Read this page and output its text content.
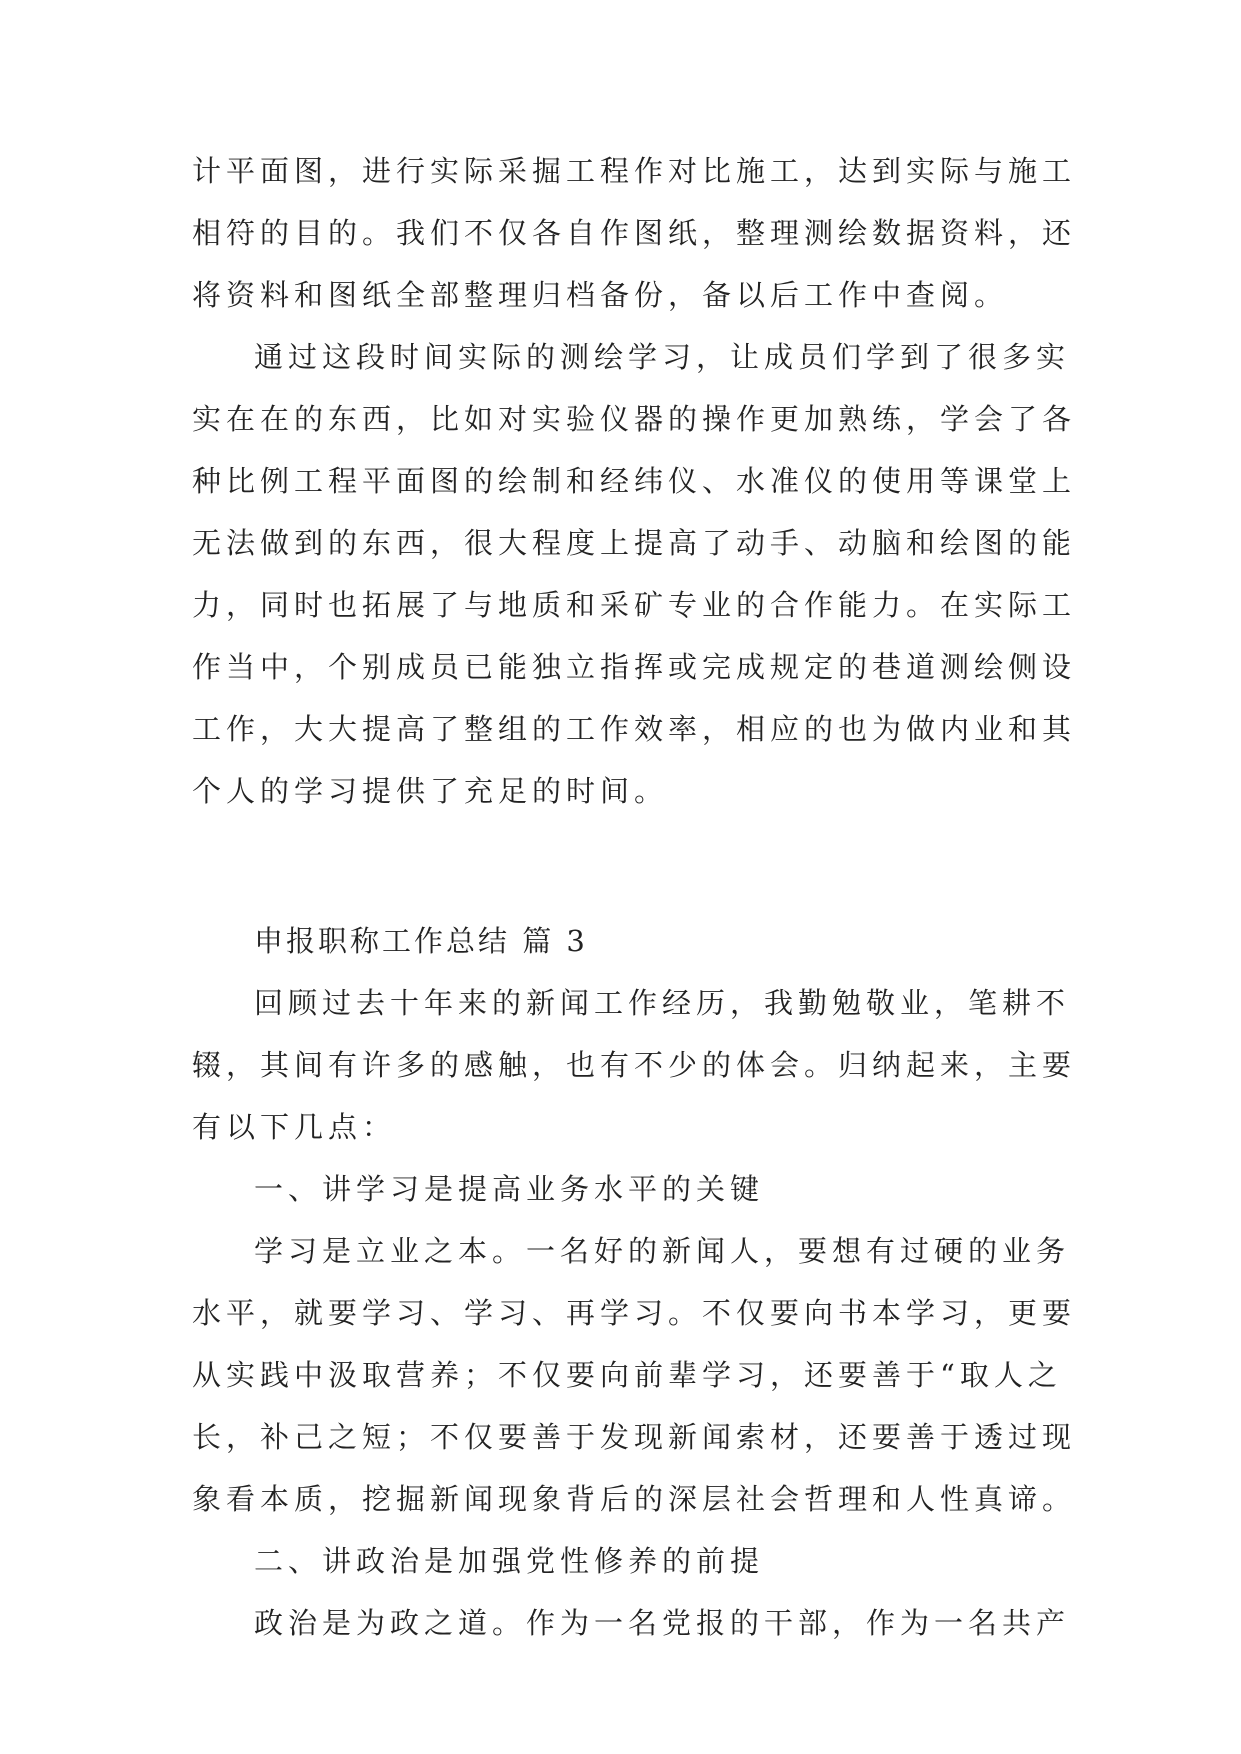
计平面图，进行实际采掘工程作对比施工，达到实际与施工
相符的目的。我们不仅各自作图纸，整理测绘数据资料，还
将资料和图纸全部整理归档备份，备以后工作中查阅。
通过这段时间实际的测绘学习，让成员们学到了很多实
实在在的东西，比如对实验仪器的操作更加熟练，学会了各
种比例工程平面图的绘制和经纬仪、水准仪的使用等课堂上
无法做到的东西，很大程度上提高了动手、动脑和绘图的能
力，同时也拓展了与地质和采矿专业的合作能力。在实际工
作当中，个别成员已能独立指挥或完成规定的巷道测绘侧设
工作，大大提高了整组的工作效率，相应的也为做内业和其
个人的学习提供了充足的时间。
申报职称工作总结 篇 3
回顾过去十年来的新闻工作经历，我勤勉敬业，笔耕不
辍，其间有许多的感触，也有不少的体会。归纳起来，主要
有以下几点：
一、讲学习是提高业务水平的关键
学习是立业之本。一名好的新闻人，要想有过硬的业务
水平，就要学习、学习、再学习。不仅要向书本学习，更要
从实践中汲取营养；不仅要向前辈学习，还要善于“取人之
长，补己之短；不仅要善于发现新闻索材，还要善于透过现
象看本质，挖掘新闻现象背后的深层社会哲理和人性真谛。
二、讲政治是加强党性修养的前提
政治是为政之道。作为一名党报的干部，作为一名共产
